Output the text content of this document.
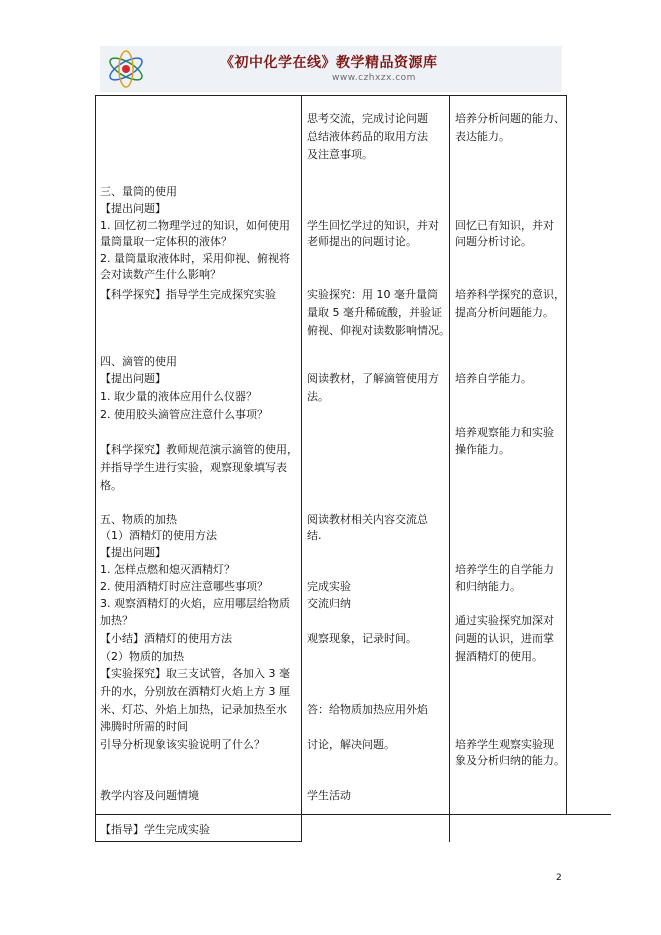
《初中化学在线》教学精品资源库
www.czhxzx.com
三、量筒的使用
【提出问题】
1. 回忆初二物理学过的知识，如何使用
量筒量取一定体积的液体？
2. 量筒量取液体时，采用仰视、俯视将
会对读数产生什么影响？
【科学探究】指导学生完成探究实验
四、滴管的使用
【提出问题】
1. 取少量的液体应用什么仪器？
2. 使用胶头滴管应注意什么事项？
【科学探究】教师规范演示滴管的使用，
并指导学生进行实验，观察现象填写表
格。
五、物质的加热
（1）酒精灯的使用方法
【提出问题】
1. 怎样点燃和熄灭酒精灯？
2. 使用酒精灯时应注意哪些事项？
3. 观察酒精灯的火焰，应用哪层给物质
加热？
【小结】酒精灯的使用方法
（2）物质的加热
【实验探究】取三支试管，各加入 3 毫
升的水，分别放在酒精灯火焰上方 3 厘
米、灯芯、外焰上加热，记录加热至水
沸腾时所需的时间
引导分析现象该实验说明了什么？
教学内容及问题情境
【指导】学生完成实验
思考交流，完成讨论问题
总结液体药品的取用方法
及注意事项。
学生回忆学过的知识，并对
老师提出的问题讨论。
实验探究：用 10 毫升量筒
量取 5 毫升稀硫酸，并验证
俯视、仰视对读数影响情况。
阅读教材，了解滴管使用方
法。
阅读教材相关内容交流总
结.
完成实验
交流归纳
观察现象，记录时间。
答：给物质加热应用外焰
讨论，解决问题。
学生活动
培养分析问题的能力、
表达能力。
回忆已有知识，并对
问题分析讨论。
培养科学探究的意识，
提高分析问题能力。
培养自学能力。
培养观察能力和实验
操作能力。
培养学生的自学能力
和归纳能力。
通过实验探究加深对
问题的认识，进而掌
握酒精灯的使用。
培养学生观察实验现
象及分析归纳的能力。
2
